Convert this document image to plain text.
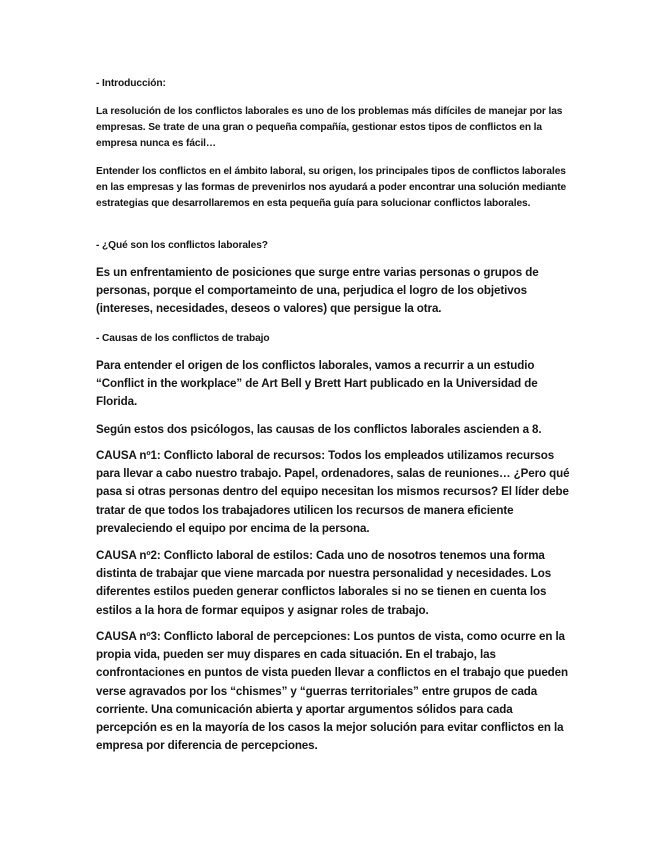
- Introducción:

La resolución de los conflictos laborales es uno de los problemas más difíciles de manejar por las empresas. Se trate de una gran o pequeña compañía, gestionar estos tipos de conflictos en la empresa nunca es fácil…

Entender los conflictos en el ámbito laboral, su origen, los principales tipos de conflictos laborales en las empresas y las formas de prevenirlos nos ayudará a poder encontrar una solución mediante estrategias que desarrollaremos en esta pequeña guía para solucionar conflictos laborales.

- ¿Qué son los conflictos laborales?

Es un enfrentamiento de posiciones que surge entre varias personas o grupos de personas, porque el comportameinto de una, perjudica el logro de los objetivos (intereses, necesidades, deseos o valores) que persigue la otra.

- Causas de los conflictos de trabajo

Para entender el origen de los conflictos laborales, vamos a recurrir a un estudio “Conflict in the workplace” de Art Bell y Brett Hart publicado en la Universidad de Florida.

Según estos dos psicólogos, las causas de los conflictos laborales ascienden a 8.

CAUSA nº1: Conflicto laboral de recursos: Todos los empleados utilizamos recursos para llevar a cabo nuestro trabajo. Papel, ordenadores, salas de reuniones… ¿Pero qué pasa si otras personas dentro del equipo necesitan los mismos recursos? El líder debe tratar de que todos los trabajadores utilicen los recursos de manera eficiente prevaleciendo el equipo por encima de la persona.

CAUSA nº2: Conflicto laboral de estilos: Cada uno de nosotros tenemos una forma distinta de trabajar que viene marcada por nuestra personalidad y necesidades. Los diferentes estilos pueden generar conflictos laborales si no se tienen en cuenta los estilos a la hora de formar equipos y asignar roles de trabajo.

CAUSA nº3: Conflicto laboral de percepciones: Los puntos de vista, como ocurre en la propia vida, pueden ser muy dispares en cada situación. En el trabajo, las confrontaciones en puntos de vista pueden llevar a conflictos en el trabajo que pueden verse agravados por los “chismes” y “guerras territoriales” entre grupos de cada corriente. Una comunicación abierta y aportar argumentos sólidos para cada percepción es en la mayoría de los casos la mejor solución para evitar conflictos en la empresa por diferencia de percepciones.
